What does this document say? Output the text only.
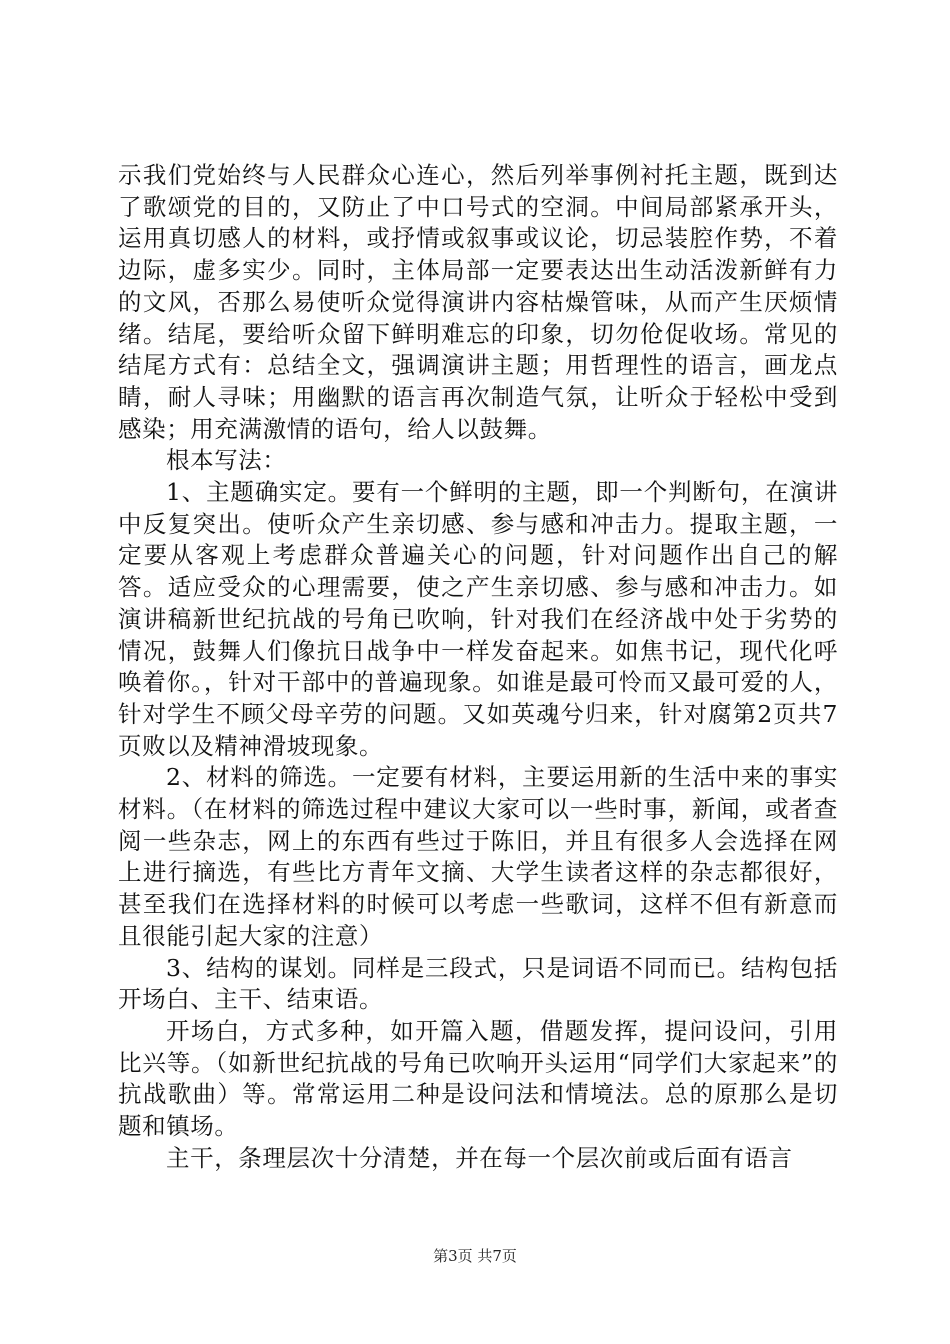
示我们党始终与人民群众心连心，然后列举事例衬托主题，既到达了歌颂党的目的，又防止了中口号式的空洞。中间局部紧承开头，运用真切感人的材料，或抒情或叙事或议论，切忌装腔作势，不着边际，虚多实少。同时，主体局部一定要表达出生动活泼新鲜有力的文风，否那么易使听众觉得演讲内容枯燥管味，从而产生厌烦情绪。结尾，要给听众留下鲜明难忘的印象，切勿伧促收场。常见的结尾方式有：总结全文，强调演讲主题；用哲理性的语言，画龙点睛，耐人寻味；用幽默的语言再次制造气氛，让听众于轻松中受到感染；用充满激情的语句，给人以鼓舞。

根本写法：

1、主题确实定。要有一个鲜明的主题，即一个判断句，在演讲中反复突出。使听众产生亲切感、参与感和冲击力。提取主题，一定要从客观上考虑群众普遍关心的问题，针对问题作出自己的解答。适应受众的心理需要，使之产生亲切感、参与感和冲击力。如演讲稿新世纪抗战的号角已吹响，针对我们在经济战中处于劣势的情况，鼓舞人们像抗日战争中一样发奋起来。如焦书记，现代化呼唤着你。，针对干部中的普遍现象。如谁是最可怜而又最可爱的人，针对学生不顾父母辛劳的问题。又如英魂兮归来，针对腐第2页共7页败以及精神滑坡现象。

2、材料的筛选。一定要有材料，主要运用新的生活中来的事实材料。（在材料的筛选过程中建议大家可以一些时事，新闻，或者查阅一些杂志，网上的东西有些过于陈旧，并且有很多人会选择在网上进行摘选，有些比方青年文摘、大学生读者这样的杂志都很好，甚至我们在选择材料的时候可以考虑一些歌词，这样不但有新意而且很能引起大家的注意）

3、结构的谋划。同样是三段式，只是词语不同而已。结构包括开场白、主干、结束语。

开场白，方式多种，如开篇入题，借题发挥，提问设问，引用比兴等。（如新世纪抗战的号角已吹响开头运用“同学们大家起来”的抗战歌曲）等。常常运用二种是设问法和情境法。总的原那么是切题和镇场。

主干，条理层次十分清楚，并在每一个层次前或后面有语言

第3页 共7页
